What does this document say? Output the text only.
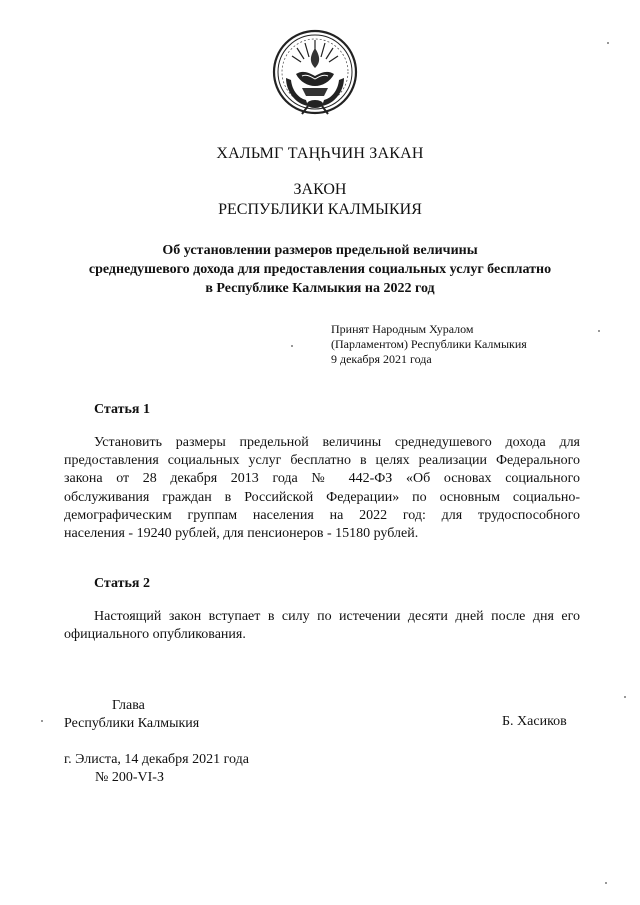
ХАЛЬМГ ТАҢҺЧИН ЗАКАН
ЗАКОН
РЕСПУБЛИКИ КАЛМЫКИЯ
Об установлении размеров предельной величины
среднедушевого дохода для предоставления социальных услуг бесплатно
в Республике Калмыкия на 2022 год
Принят Народным Хуралом
(Парламентом) Республики Калмыкия
9 декабря 2021 года
Статья 1
Установить размеры предельной величины среднедушевого дохода для
предоставления социальных услуг бесплатно в целях реализации Федерального
закона от 28 декабря 2013 года № 442-ФЗ «Об основах социального
обслуживания граждан в Российской Федерации» по основным социально-
демографическим группам населения на 2022 год: для трудоспособного
населения - 19240 рублей, для пенсионеров - 15180 рублей.
Статья 2
Настоящий закон вступает в силу по истечении десяти дней после дня его
официального опубликования.
Глава
Республики Калмыкия	Б. Хасиков
г. Элиста, 14 декабря 2021 года
№ 200-VI-З
